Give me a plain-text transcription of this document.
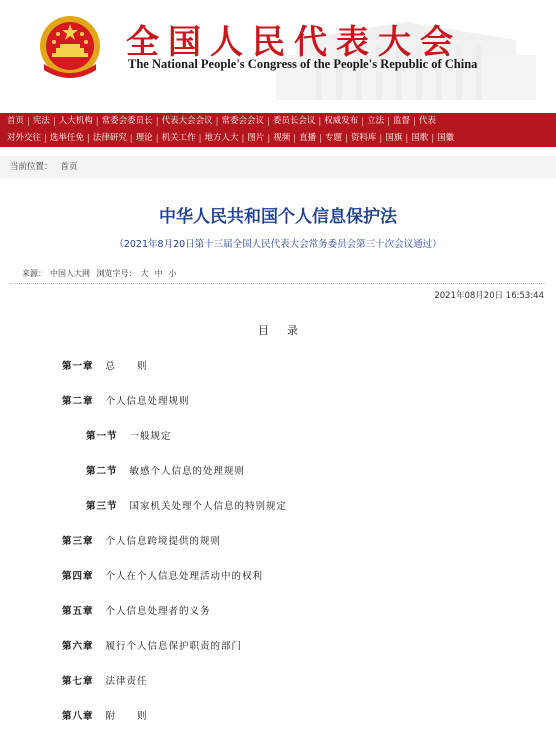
全国人民代表大会
The National People's Congress of the People's Republic of China
首页 | 宪法 | 人大机构 | 常委会委员长 | 代表大会会议 | 常委会会议 | 委员长会议 | 权威发布 | 立法 | 监督 | 代表
对外交往 | 选举任免 | 法律研究 | 理论 | 机关工作 | 地方人大 | 图片 | 视频 | 直播 | 专题 | 资料库 | 国旗 | 国歌 | 国徽
当前位置： 首页
中华人民共和国个人信息保护法
（2021年8月20日第十三届全国人民代表大会常务委员会第三十次会议通过）
来源： 中国人大网 浏览字号： 大 中 小
2021年08月20日 16:53:44
目录
第一章 总　　则
第二章 个人信息处理规则
第一节 一般规定
第二节 敏感个人信息的处理规则
第三节 国家机关处理个人信息的特别规定
第三章 个人信息跨境提供的规则
第四章 个人在个人信息处理活动中的权利
第五章 个人信息处理者的义务
第六章 履行个人信息保护职责的部门
第七章 法律责任
第八章 附　　则
